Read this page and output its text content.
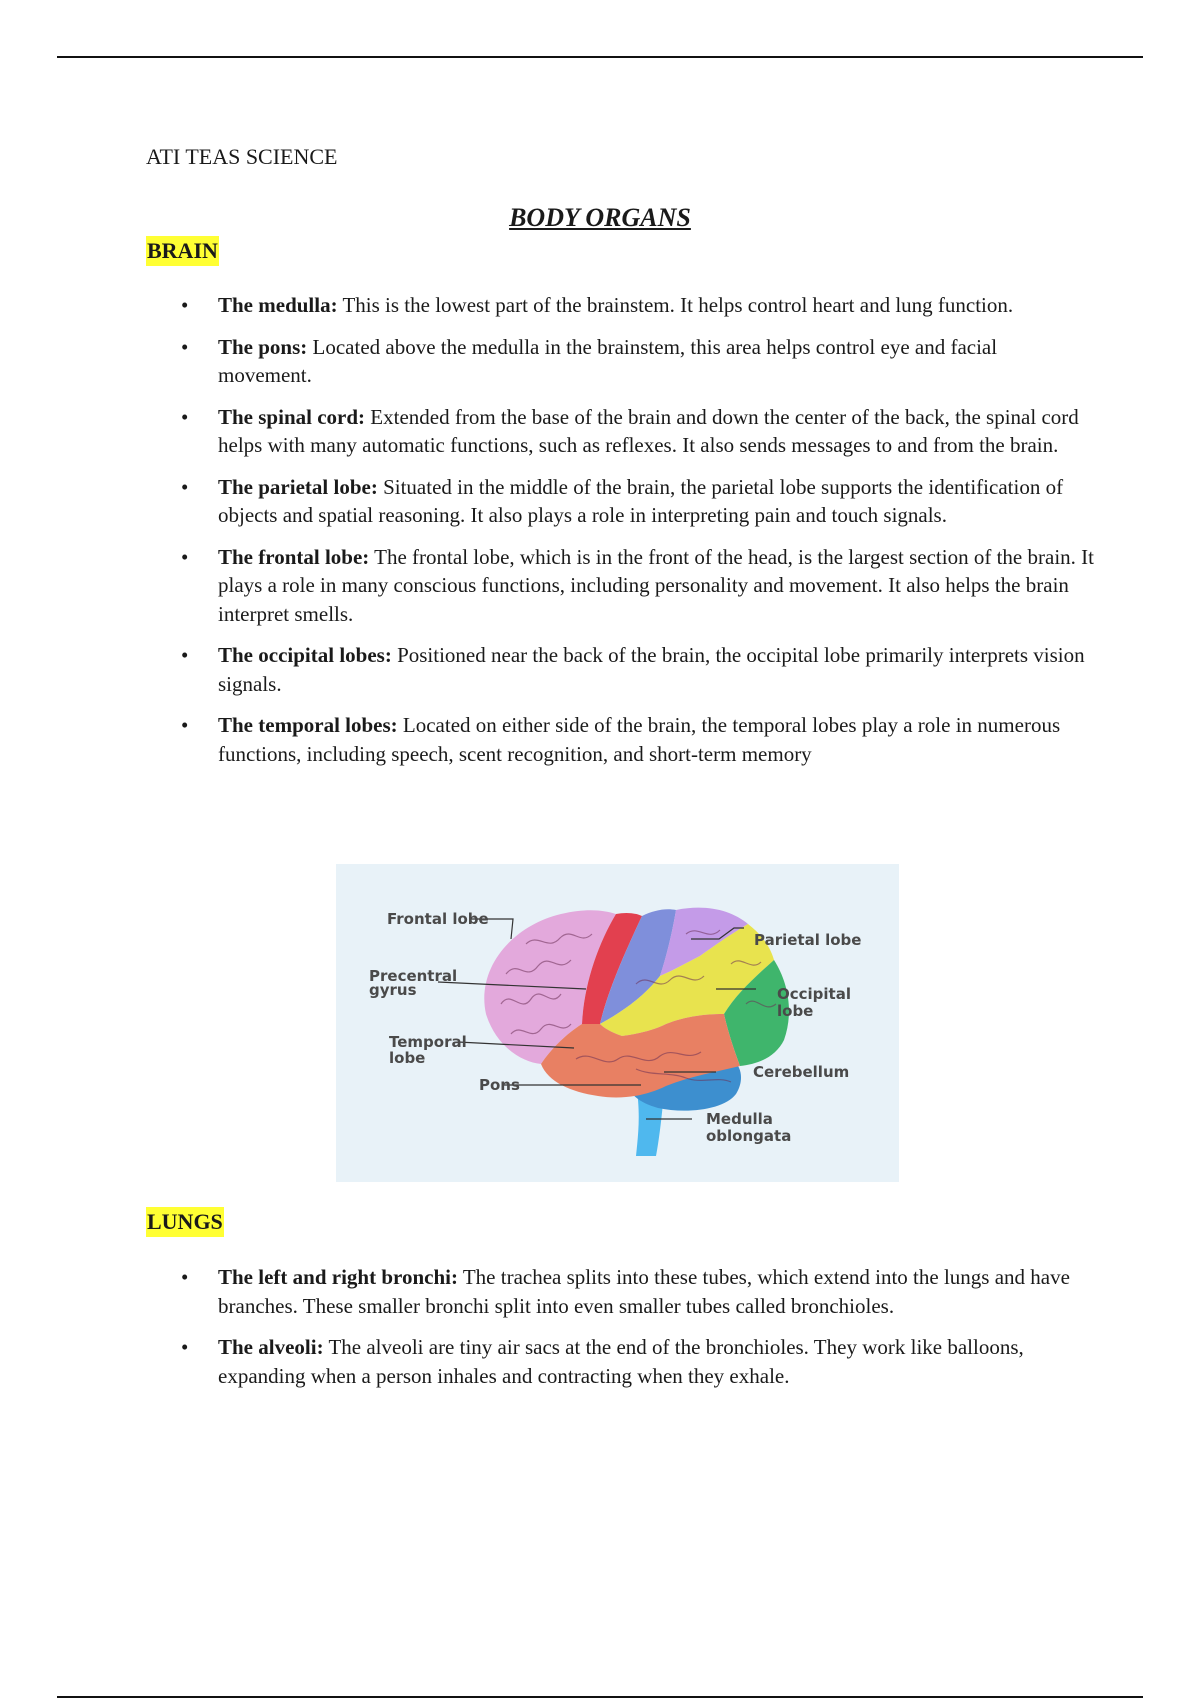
ATI TEAS SCIENCE
BODY ORGANS
BRAIN
• The medulla: This is the lowest part of the brainstem. It helps control heart and lung function.
• The pons: Located above the medulla in the brainstem, this area helps control eye and facial movement.
• The spinal cord: Extended from the base of the brain and down the center of the back, the spinal cord helps with many automatic functions, such as reflexes. It also sends messages to and from the brain.
• The parietal lobe: Situated in the middle of the brain, the parietal lobe supports the identification of objects and spatial reasoning. It also plays a role in interpreting pain and touch signals.
• The frontal lobe: The frontal lobe, which is in the front of the head, is the largest section of the brain. It plays a role in many conscious functions, including personality and movement. It also helps the brain interpret smells.
• The occipital lobes: Positioned near the back of the brain, the occipital lobe primarily interprets vision signals.
• The temporal lobes: Located on either side of the brain, the temporal lobes play a role in numerous functions, including speech, scent recognition, and short-term memory
Frontal lobe
Precentral
gyrus
Temporal
lobe
Pons
Parietal lobe
Occipital
lobe
Cerebellum
Medulla
oblongata
LUNGS
• The left and right bronchi: The trachea splits into these tubes, which extend into the lungs and have branches. These smaller bronchi split into even smaller tubes called bronchioles.
• The alveoli: The alveoli are tiny air sacs at the end of the bronchioles. They work like balloons, expanding when a person inhales and contracting when they exhale.
